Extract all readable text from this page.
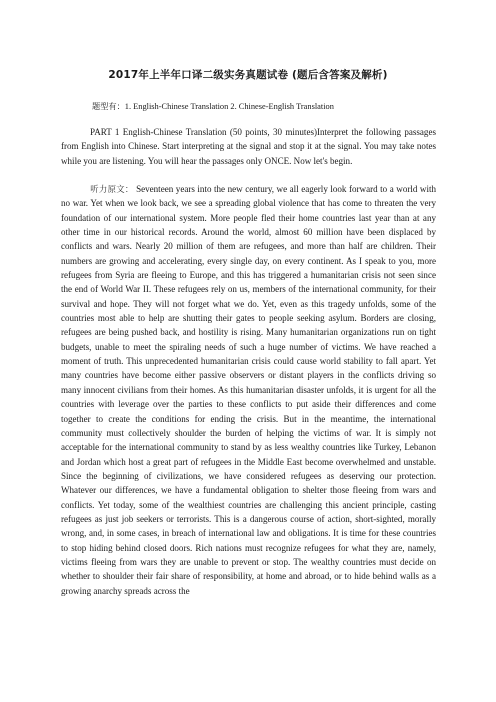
2017年上半年口译二级实务真题试卷 (题后含答案及解析)
题型有：1. English-Chinese Translation 2. Chinese-English Translation
PART 1 English-Chinese Translation (50 points, 30 minutes)Interpret the following passages from English into Chinese. Start interpreting at the signal and stop it at the signal. You may take notes while you are listening. You will hear the passages only ONCE. Now let's begin.
听力原文： Seventeen years into the new century, we all eagerly look forward to a world with no war. Yet when we look back, we see a spreading global violence that has come to threaten the very foundation of our international system. More people fled their home countries last year than at any other time in our historical records. Around the world, almost 60 million have been displaced by conflicts and wars. Nearly 20 million of them are refugees, and more than half are children. Their numbers are growing and accelerating, every single day, on every continent. As I speak to you, more refugees from Syria are fleeing to Europe, and this has triggered a humanitarian crisis not seen since the end of World War II. These refugees rely on us, members of the international community, for their survival and hope. They will not forget what we do. Yet, even as this tragedy unfolds, some of the countries most able to help are shutting their gates to people seeking asylum. Borders are closing, refugees are being pushed back, and hostility is rising. Many humanitarian organizations run on tight budgets, unable to meet the spiraling needs of such a huge number of victims. We have reached a moment of truth. This unprecedented humanitarian crisis could cause world stability to fall apart. Yet many countries have become either passive observers or distant players in the conflicts driving so many innocent civilians from their homes. As this humanitarian disaster unfolds, it is urgent for all the countries with leverage over the parties to these conflicts to put aside their differences and come together to create the conditions for ending the crisis. But in the meantime, the international community must collectively shoulder the burden of helping the victims of war. It is simply not acceptable for the international community to stand by as less wealthy countries like Turkey, Lebanon and Jordan which host a great part of refugees in the Middle East become overwhelmed and unstable. Since the beginning of civilizations, we have considered refugees as deserving our protection. Whatever our differences, we have a fundamental obligation to shelter those fleeing from wars and conflicts. Yet today, some of the wealthiest countries are challenging this ancient principle, casting refugees as just job seekers or terrorists. This is a dangerous course of action, short-sighted, morally wrong, and, in some cases, in breach of international law and obligations. It is time for these countries to stop hiding behind closed doors. Rich nations must recognize refugees for what they are, namely, victims fleeing from wars they are unable to prevent or stop. The wealthy countries must decide on whether to shoulder their fair share of responsibility, at home and abroad, or to hide behind walls as a growing anarchy spreads across the
